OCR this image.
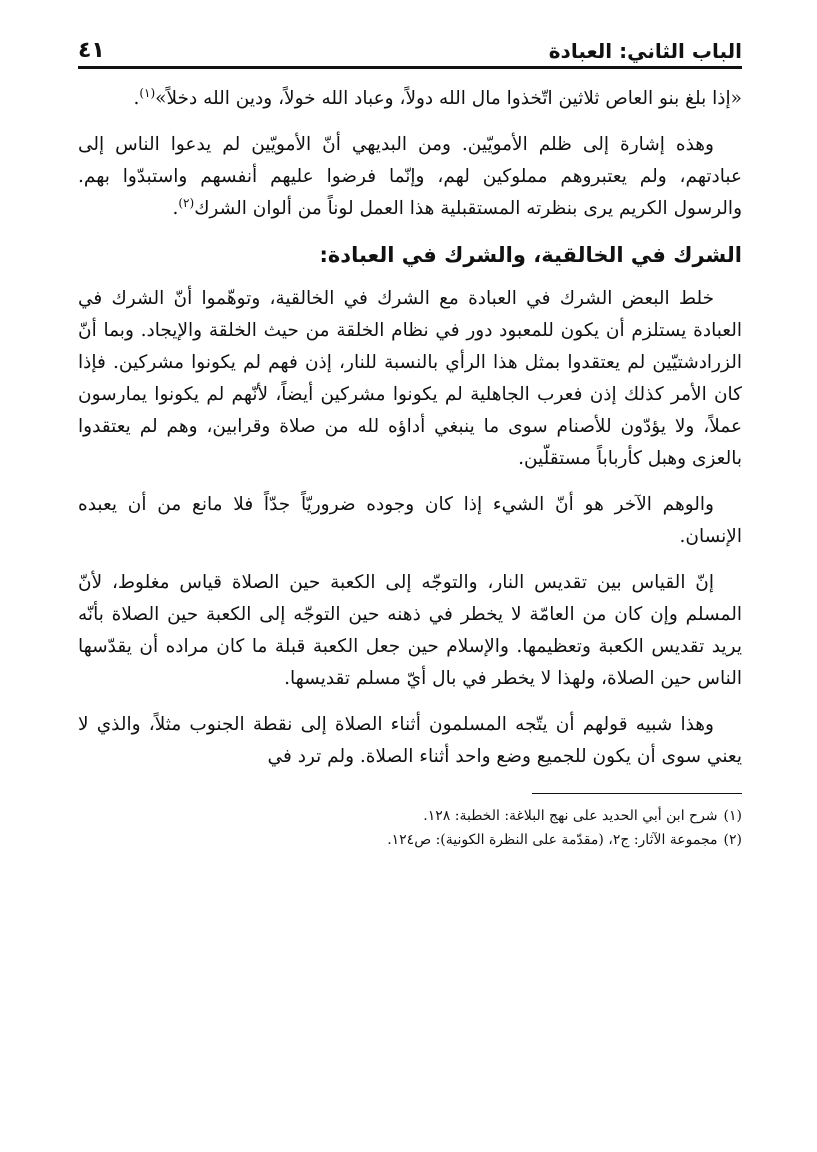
الباب الثاني: العبادة
٤١

«إذا بلغ بنو العاص ثلاثين اتّخذوا مال الله دولاً، وعباد الله خولاً، ودين الله دخلاً»$^{(١)}$.

وهذه إشارة إلى ظلم الأمويّين. ومن البديهي أنّ الأمويّين لم يدعوا الناس إلى عبادتهم، ولم يعتبروهم مملوكين لهم، وإنّما فرضوا عليهم أنفسهم واستبدّوا بهم. والرسول الكريم يرى بنظرته المستقبلية هذا العمل لوناً من ألوان الشرك$^{(٢)}$.

الشرك في الخالقية، والشرك في العبادة:

خلط البعض الشرك في العبادة مع الشرك في الخالقية، وتوهّموا أنّ الشرك في العبادة يستلزم أن يكون للمعبود دور في نظام الخلقة من حيث الخلقة والإيجاد. وبما أنّ الزرادشتيّين لم يعتقدوا بمثل هذا الرأي بالنسبة للنار، إذن فهم لم يكونوا مشركين. فإذا كان الأمر كذلك إذن فعرب الجاهلية لم يكونوا مشركين أيضاً، لأنّهم لم يكونوا يمارسون عملاً، ولا يؤدّون للأصنام سوى ما ينبغي أداؤه لله من صلاة وقرابين، وهم لم يعتقدوا بالعزى وهبل كأرباباً مستقلّين.

والوهم الآخر هو أنّ الشيء إذا كان وجوده ضروريّاً جدّاً فلا مانع من أن يعبده الإنسان.

إنّ القياس بين تقديس النار، والتوجّه إلى الكعبة حين الصلاة قياس مغلوط، لأنّ المسلم وإن كان من العامّة لا يخطر في ذهنه حين التوجّه إلى الكعبة حين الصلاة بأنّه يريد تقديس الكعبة وتعظيمها. والإسلام حين جعل الكعبة قبلة ما كان مراده أن يقدّسها الناس حين الصلاة، ولهذا لا يخطر في بال أيّ مسلم تقديسها.

وهذا شبيه قولهم أن يتّجه المسلمون أثناء الصلاة إلى نقطة الجنوب مثلاً، والذي لا يعني سوى أن يكون للجميع وضع واحد أثناء الصلاة. ولم ترد في

(١)شرح ابن أبي الحديد على نهج البلاغة: الخطبة: ١٢٨.

(٢)مجموعة الآثار: ج٢، (مقدّمة على النظرة الكونية): ص١٢٤.
